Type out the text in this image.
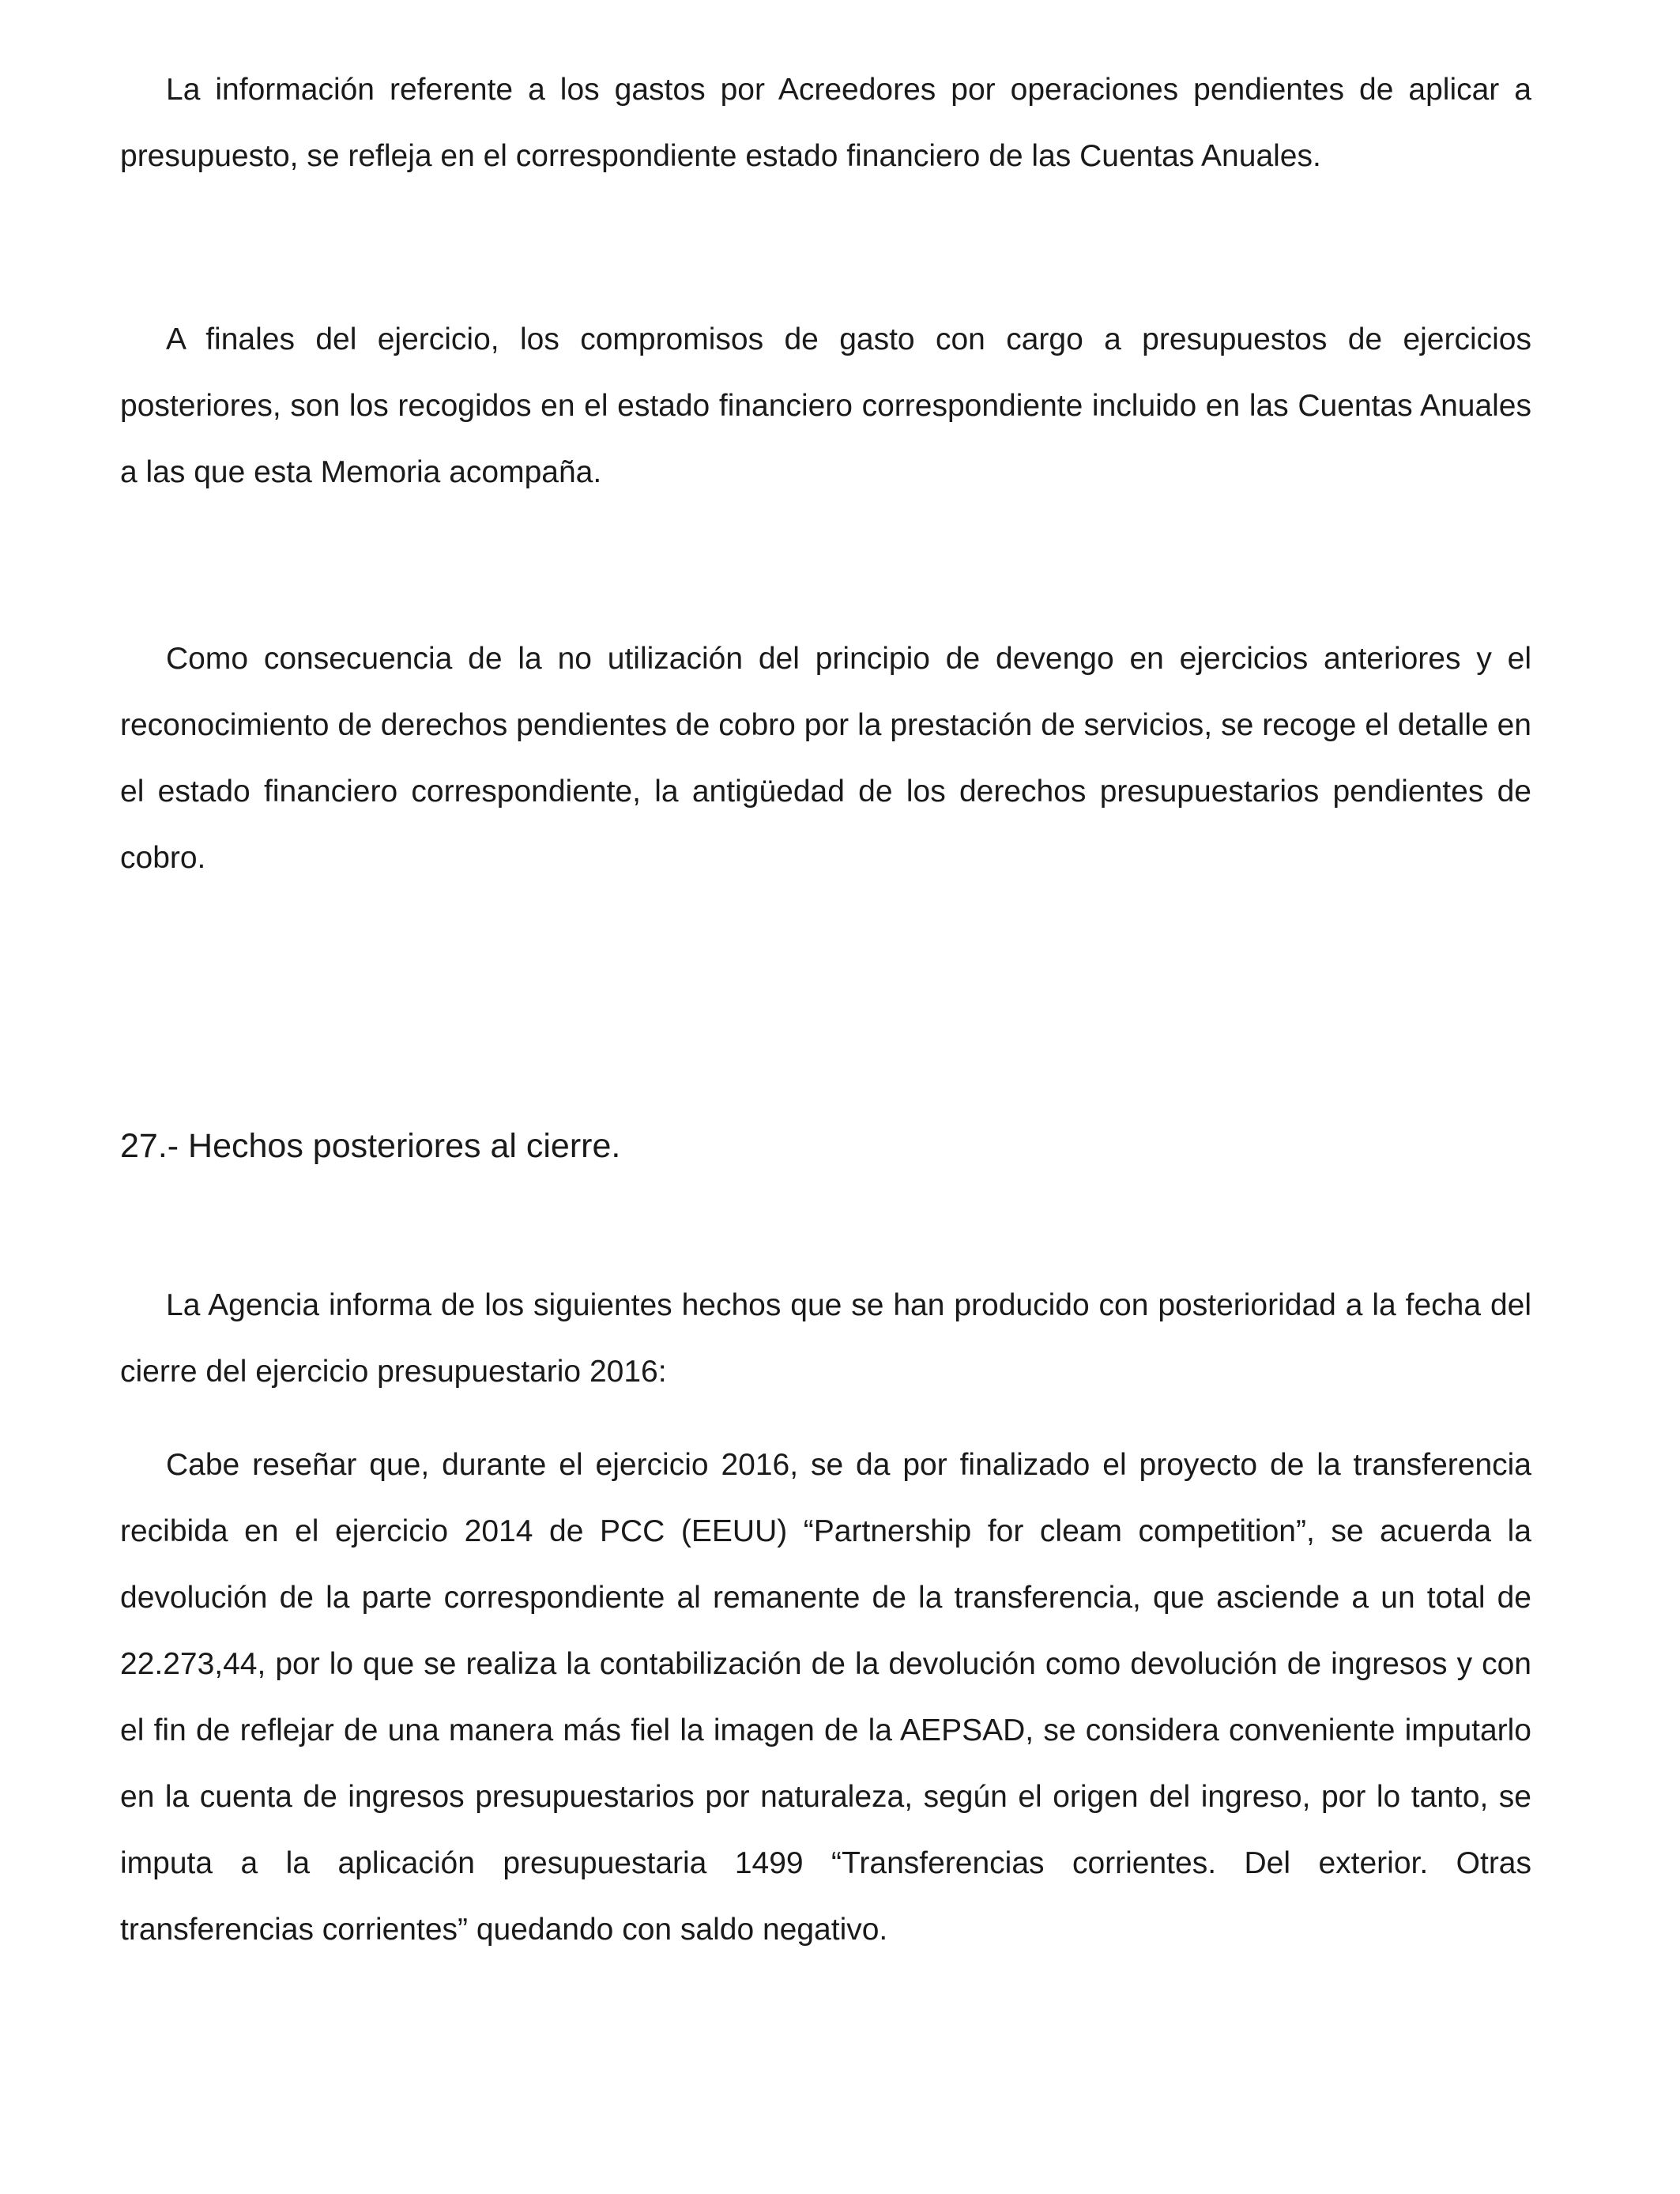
La información referente a los gastos por Acreedores por operaciones pendientes de aplicar a presupuesto, se refleja en el correspondiente estado financiero de las Cuentas Anuales.

A finales del ejercicio, los compromisos de gasto con cargo a presupuestos de ejercicios posteriores, son los recogidos en el estado financiero correspondiente incluido en las Cuentas Anuales a las que esta Memoria acompaña.

Como consecuencia de la no utilización del principio de devengo en ejercicios anteriores y el reconocimiento de derechos pendientes de cobro por la prestación de servicios, se recoge el detalle en el estado financiero correspondiente, la antigüedad de los derechos presupuestarios pendientes de cobro.

27.- Hechos posteriores al cierre.

La Agencia informa de los siguientes hechos que se han producido con posterioridad a la fecha del cierre del ejercicio presupuestario 2016:

Cabe reseñar que, durante el ejercicio 2016, se da por finalizado el proyecto de la transferencia recibida en el ejercicio 2014 de PCC (EEUU) “Partnership for cleam competition”, se acuerda la devolución de la parte correspondiente al remanente de la transferencia, que asciende a un total de 22.273,44, por lo que se realiza la contabilización de la devolución como devolución de ingresos y con el fin de reflejar de una manera más fiel la imagen de la AEPSAD, se considera conveniente imputarlo en la cuenta de ingresos presupuestarios por naturaleza, según el origen del ingreso, por lo tanto, se imputa a la aplicación presupuestaria 1499 “Transferencias corrientes. Del exterior. Otras transferencias corrientes” quedando con saldo negativo.
